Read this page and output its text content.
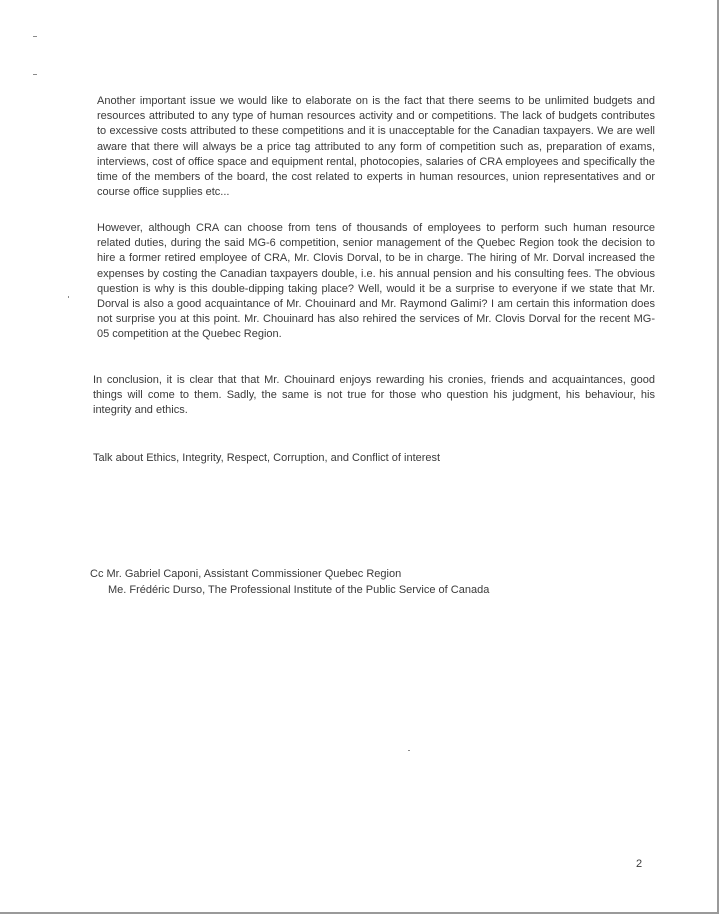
Another important issue we would like to elaborate on is the fact that there seems to be unlimited budgets and resources attributed to any type of human resources activity and or competitions. The lack of budgets contributes to excessive costs attributed to these competitions and it is unacceptable for the Canadian taxpayers. We are well aware that there will always be a price tag attributed to any form of competition such as, preparation of exams, interviews, cost of office space and equipment rental, photocopies, salaries of CRA employees and specifically the time of the members of the board, the cost related to experts in human resources, union representatives and or course office supplies etc...

However, although CRA can choose from tens of thousands of employees to perform such human resource related duties, during the said MG-6 competition, senior management of the Quebec Region took the decision to hire a former retired employee of CRA, Mr. Clovis Dorval, to be in charge. The hiring of Mr. Dorval increased the expenses by costing the Canadian taxpayers double, i.e. his annual pension and his consulting fees. The obvious question is why is this double-dipping taking place? Well, would it be a surprise to everyone if we state that Mr. Dorval is also a good acquaintance of Mr. Chouinard and Mr. Raymond Galimi? I am certain this information does not surprise you at this point. Mr. Chouinard has also rehired the services of Mr. Clovis Dorval for the recent MG-05 competition at the Quebec Region.

In conclusion, it is clear that that Mr. Chouinard enjoys rewarding his cronies, friends and acquaintances, good things will come to them. Sadly, the same is not true for those who question his judgment, his behaviour, his integrity and ethics.

Talk about Ethics, Integrity, Respect, Corruption, and Conflict of interest

Cc Mr. Gabriel Caponi, Assistant Commissioner Quebec Region
Me. Frédéric Durso, The Professional Institute of the Public Service of Canada
2
